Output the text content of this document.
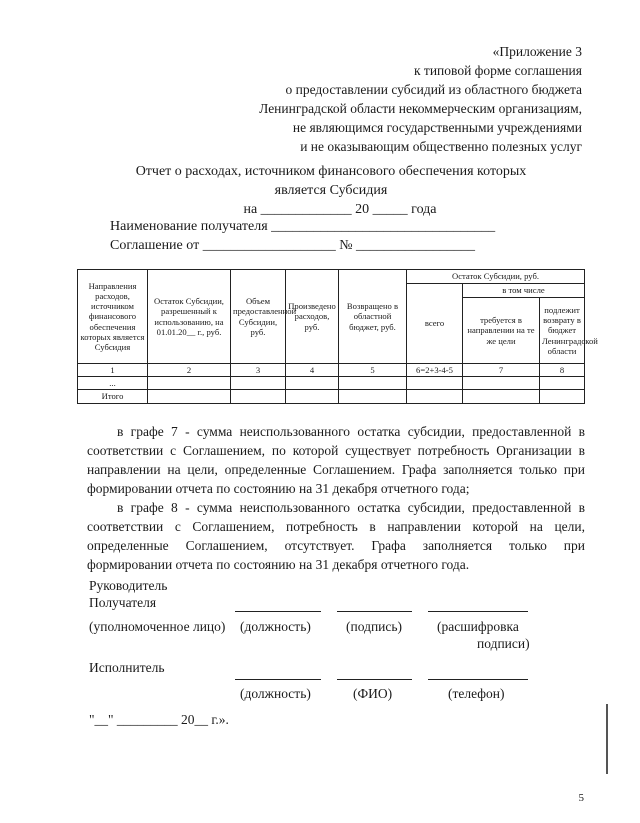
«Приложение 3
к типовой форме соглашения
о предоставлении субсидий из областного бюджета
Ленинградской области некоммерческим организациям,
не являющимся государственными учреждениями
и не оказывающим общественно полезных услуг
Отчет о расходах, источником финансового обеспечения которых
является Субсидия
на _____________ 20 _____ года
Наименование получателя ________________________________
Соглашение от ___________________ № _________________
Направления расходов, источником финансового обеспечения которых является Субсидия	Остаток Субсидии, разрешенный к использованию, на 01.01.20__ г., руб.	Объем предоставленной Субсидии, руб.	Произведено расходов, руб.	Возвращено в областной бюджет, руб.	Остаток Субсидии, руб.		
					всего	в том числе	
						требуется в направлении на те же цели	подлежит возврату в бюджет Ленинградской области
1	2	3	4	5	6=2+3-4-5	7	8
...							
Итого							
в графе 7 - сумма неиспользованного остатка субсидии, предоставленной в соответствии с Соглашением, по которой существует потребность Организации в направлении на цели, определенные Соглашением. Графа заполняется только при формировании отчета по состоянию на 31 декабря отчетного года;
в графе 8 - сумма неиспользованного остатка субсидии, предоставленной в соответствии с Соглашением, потребность в направлении которой на цели, определенные Соглашением, отсутствует. Графа заполняется только при формировании отчета по состоянию на 31 декабря отчетного года.
Руководитель
Получателя
(уполномоченное лицо) (должность)	(подпись)	(расшифровка
подписи)
Исполнитель
(должность)	(ФИО)	(телефон)
"__" _________ 20__ г.».
5
